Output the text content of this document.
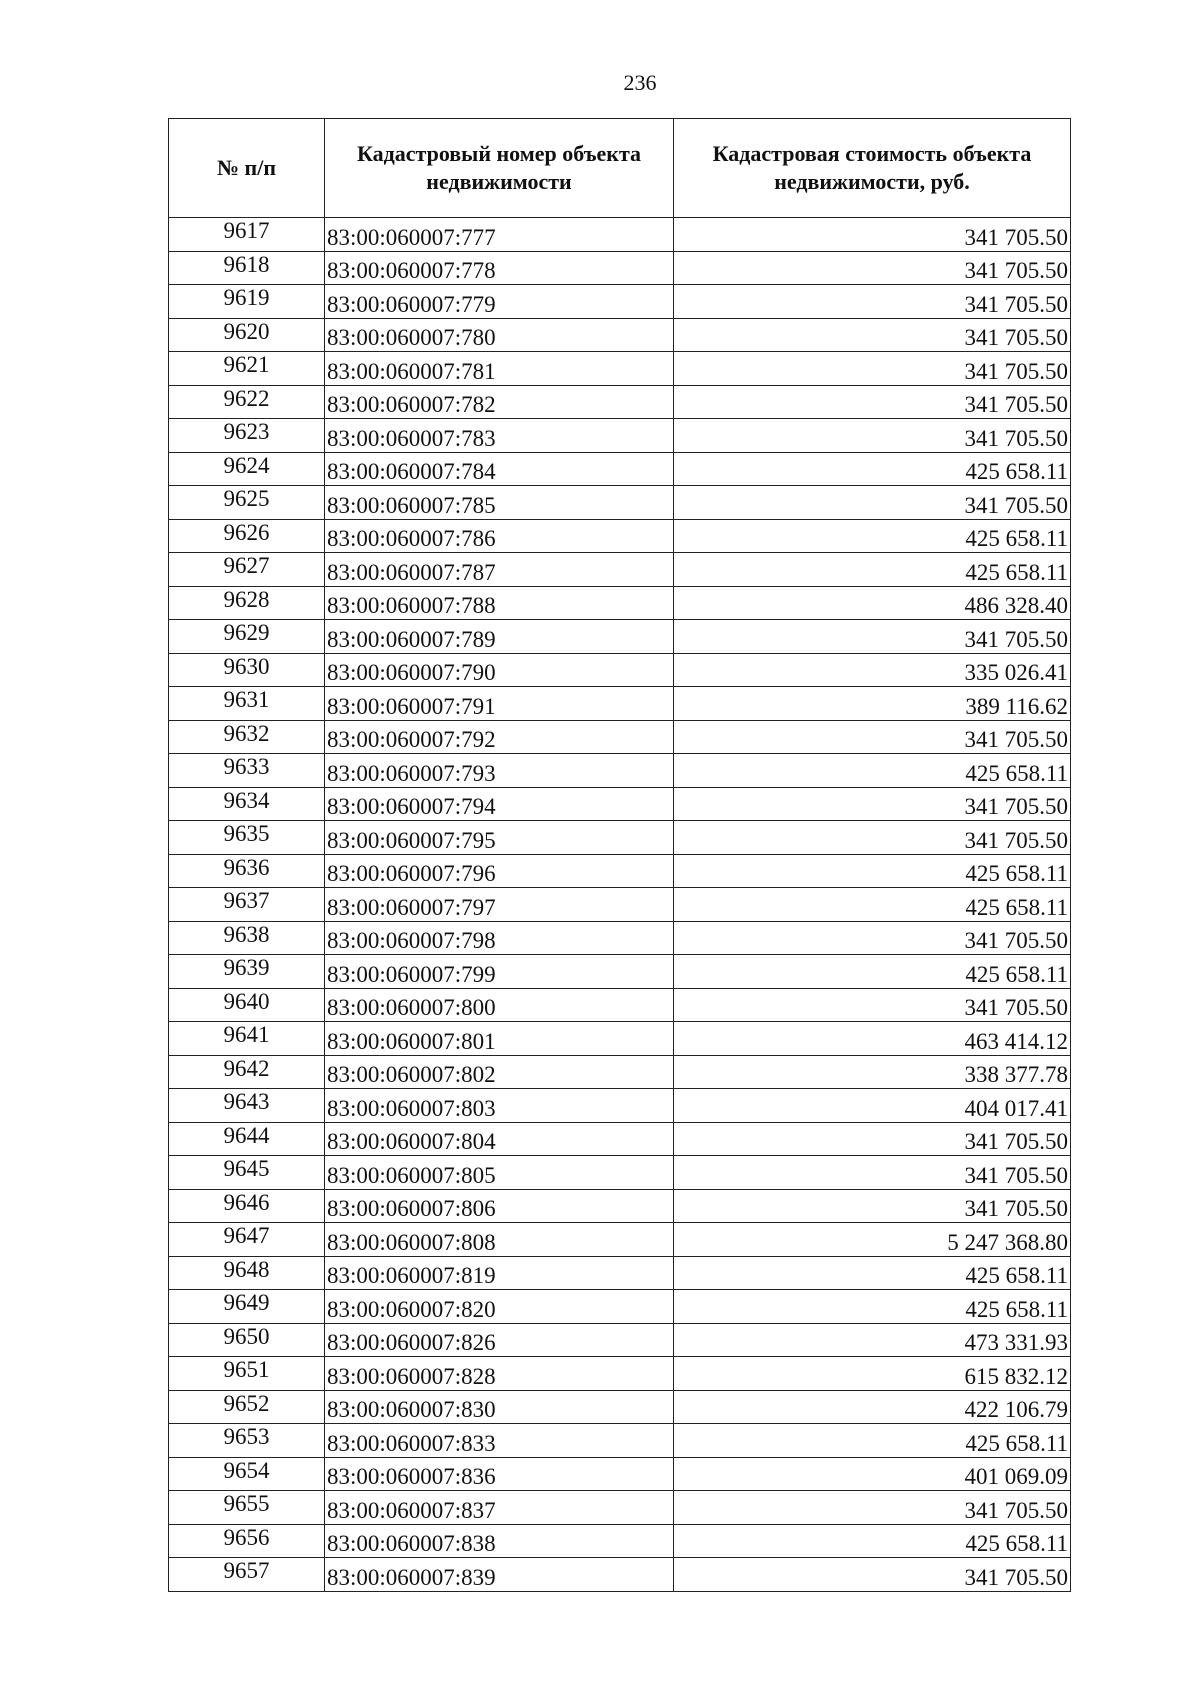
236
№ п/п	Кадастровый номер объекта недвижимости	Кадастровая стоимость объекта недвижимости, руб.
9617	83:00:060007:777	341 705.50
9618	83:00:060007:778	341 705.50
9619	83:00:060007:779	341 705.50
9620	83:00:060007:780	341 705.50
9621	83:00:060007:781	341 705.50
9622	83:00:060007:782	341 705.50
9623	83:00:060007:783	341 705.50
9624	83:00:060007:784	425 658.11
9625	83:00:060007:785	341 705.50
9626	83:00:060007:786	425 658.11
9627	83:00:060007:787	425 658.11
9628	83:00:060007:788	486 328.40
9629	83:00:060007:789	341 705.50
9630	83:00:060007:790	335 026.41
9631	83:00:060007:791	389 116.62
9632	83:00:060007:792	341 705.50
9633	83:00:060007:793	425 658.11
9634	83:00:060007:794	341 705.50
9635	83:00:060007:795	341 705.50
9636	83:00:060007:796	425 658.11
9637	83:00:060007:797	425 658.11
9638	83:00:060007:798	341 705.50
9639	83:00:060007:799	425 658.11
9640	83:00:060007:800	341 705.50
9641	83:00:060007:801	463 414.12
9642	83:00:060007:802	338 377.78
9643	83:00:060007:803	404 017.41
9644	83:00:060007:804	341 705.50
9645	83:00:060007:805	341 705.50
9646	83:00:060007:806	341 705.50
9647	83:00:060007:808	5 247 368.80
9648	83:00:060007:819	425 658.11
9649	83:00:060007:820	425 658.11
9650	83:00:060007:826	473 331.93
9651	83:00:060007:828	615 832.12
9652	83:00:060007:830	422 106.79
9653	83:00:060007:833	425 658.11
9654	83:00:060007:836	401 069.09
9655	83:00:060007:837	341 705.50
9656	83:00:060007:838	425 658.11
9657	83:00:060007:839	341 705.50
